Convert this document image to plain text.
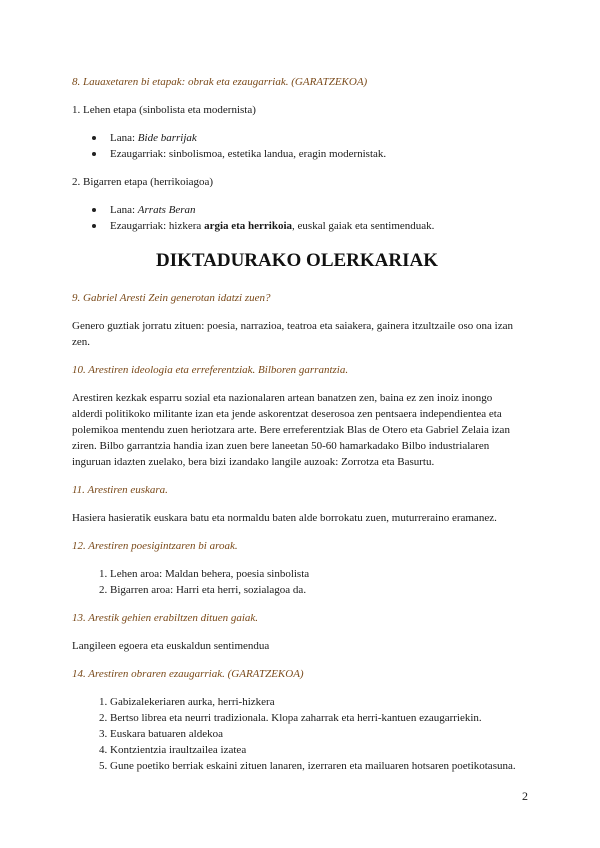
8. Lauaxetaren bi etapak: obrak eta ezaugarriak. (GARATZEKOA)

1. Lehen etapa (sinbolista eta modernista)

Lana: Bide barrijak
Ezaugarriak: sinbolismoa, estetika landua, eragin modernistak.

2. Bigarren etapa (herrikoiagoa)

Lana: Arrats Beran
Ezaugarriak: hizkera argia eta herrikoia, euskal gaiak eta sentimenduak.
DIKTADURAKO OLERKARIAK

9. Gabriel Aresti Zein generotan idatzi zuen?

Genero guztiak jorratu zituen: poesia, narrazioa, teatroa eta saiakera, gainera itzultzaile oso ona izan zen.

10. Arestiren ideologia eta erreferentziak. Bilboren garrantzia.

Arestiren kezkak esparru sozial eta nazionalaren artean banatzen zen, baina ez zen inoiz inongo alderdi politikoko militante izan eta jende askorentzat deserosoa zen pentsaera independientea eta polemikoa mentendu zuen heriotzara arte. Bere erreferentziak Blas de Otero eta Gabriel Zelaia izan ziren. Bilbo garrantzia handia izan zuen bere laneetan 50-60 hamarkadako Bilbo industrialaren inguruan idazten zuelako, bera bizi izandako langile auzoak: Zorrotza eta Basurtu.

11. Arestiren euskara.

Hasiera hasieratik euskara batu eta normaldu baten alde borrokatu zuen, muturreraino eramanez.

12. Arestiren poesigintzaren bi aroak.

1. Lehen aroa: Maldan behera, poesia sinbolista
2. Bigarren aroa: Harri eta herri, sozialagoa da.

13. Arestik gehien erabiltzen dituen gaiak.

Langileen egoera eta euskaldun sentimendua

14. Arestiren obraren ezaugarriak. (GARATZEKOA)

1. Gabizalekeriaren aurka, herri-hizkera
2. Bertso librea eta neurri tradizionala. Klopa zaharrak eta herri-kantuen ezaugarriekin.
3. Euskara batuaren aldekoa
4. Kontzientzia iraultzailea izatea
5. Gune poetiko berriak eskaini zituen lanaren, izerraren eta mailuaren hotsaren poetikotasuna.
2
